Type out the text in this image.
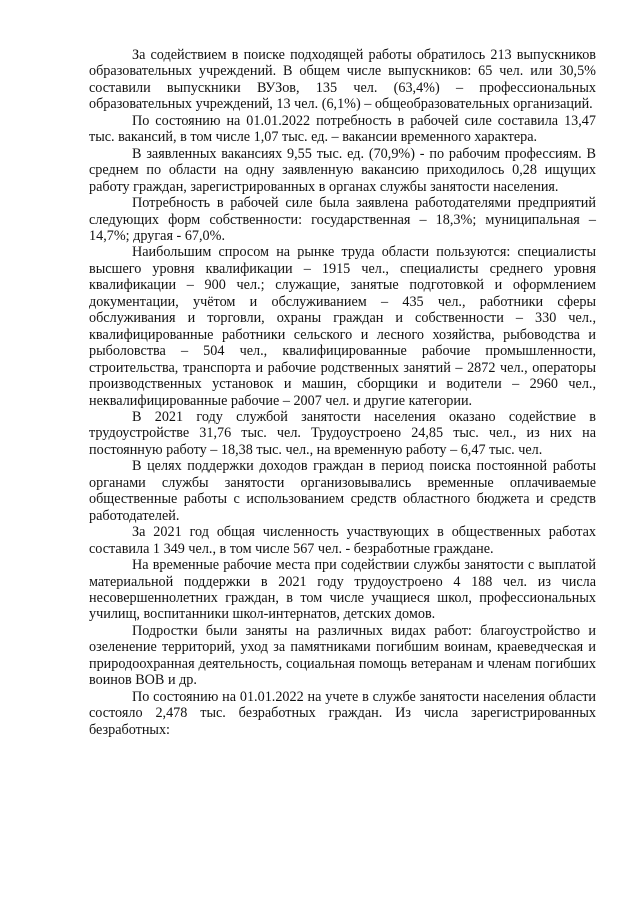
За содействием в поиске подходящей работы обратилось 213 выпускников образовательных учреждений. В общем числе выпускников: 65 чел. или 30,5% составили выпускники ВУЗов, 135 чел. (63,4%) – профессиональных образовательных учреждений, 13 чел. (6,1%) – общеобразовательных организаций.

По состоянию на 01.01.2022 потребность в рабочей силе составила 13,47 тыс. вакансий, в том числе 1,07 тыс. ед. – вакансии временного характера.

В заявленных вакансиях 9,55 тыс. ед. (70,9%) - по рабочим профессиям. В среднем по области на одну заявленную вакансию приходилось 0,28 ищущих работу граждан, зарегистрированных в органах службы занятости населения.

Потребность в рабочей силе была заявлена работодателями предприятий следующих форм собственности: государственная – 18,3%; муниципальная – 14,7%; другая - 67,0%.

Наибольшим спросом на рынке труда области пользуются: специалисты высшего уровня квалификации – 1915 чел., специалисты среднего уровня квалификации – 900 чел.; служащие, занятые подготовкой и оформлением документации, учётом и обслуживанием – 435 чел., работники сферы обслуживания и торговли, охраны граждан и собственности – 330 чел., квалифицированные работники сельского и лесного хозяйства, рыбоводства и рыболовства – 504 чел., квалифицированные рабочие промышленности, строительства, транспорта и рабочие родственных занятий – 2872 чел., операторы производственных установок и машин, сборщики и водители – 2960 чел., неквалифицированные рабочие – 2007 чел. и другие категории.

В 2021 году службой занятости населения оказано содействие в трудоустройстве 31,76 тыс. чел. Трудоустроено 24,85 тыс. чел., из них на постоянную работу – 18,38 тыс. чел., на временную работу – 6,47 тыс. чел.

В целях поддержки доходов граждан в период поиска постоянной работы органами службы занятости организовывались временные оплачиваемые общественные работы с использованием средств областного бюджета и средств работодателей.

За 2021 год общая численность участвующих в общественных работах составила 1 349 чел., в том числе 567 чел. - безработные граждане.

На временные рабочие места при содействии службы занятости с выплатой материальной поддержки в 2021 году трудоустроено 4 188 чел. из числа несовершеннолетних граждан, в том числе учащиеся школ, профессиональных училищ, воспитанники школ-интернатов, детских домов.

Подростки были заняты на различных видах работ: благоустройство и озеленение территорий, уход за памятниками погибшим воинам, краеведческая и природоохранная деятельность, социальная помощь ветеранам и членам погибших воинов ВОВ и др.

По состоянию на 01.01.2022 на учете в службе занятости населения области состояло 2,478 тыс. безработных граждан. Из числа зарегистрированных безработных:
